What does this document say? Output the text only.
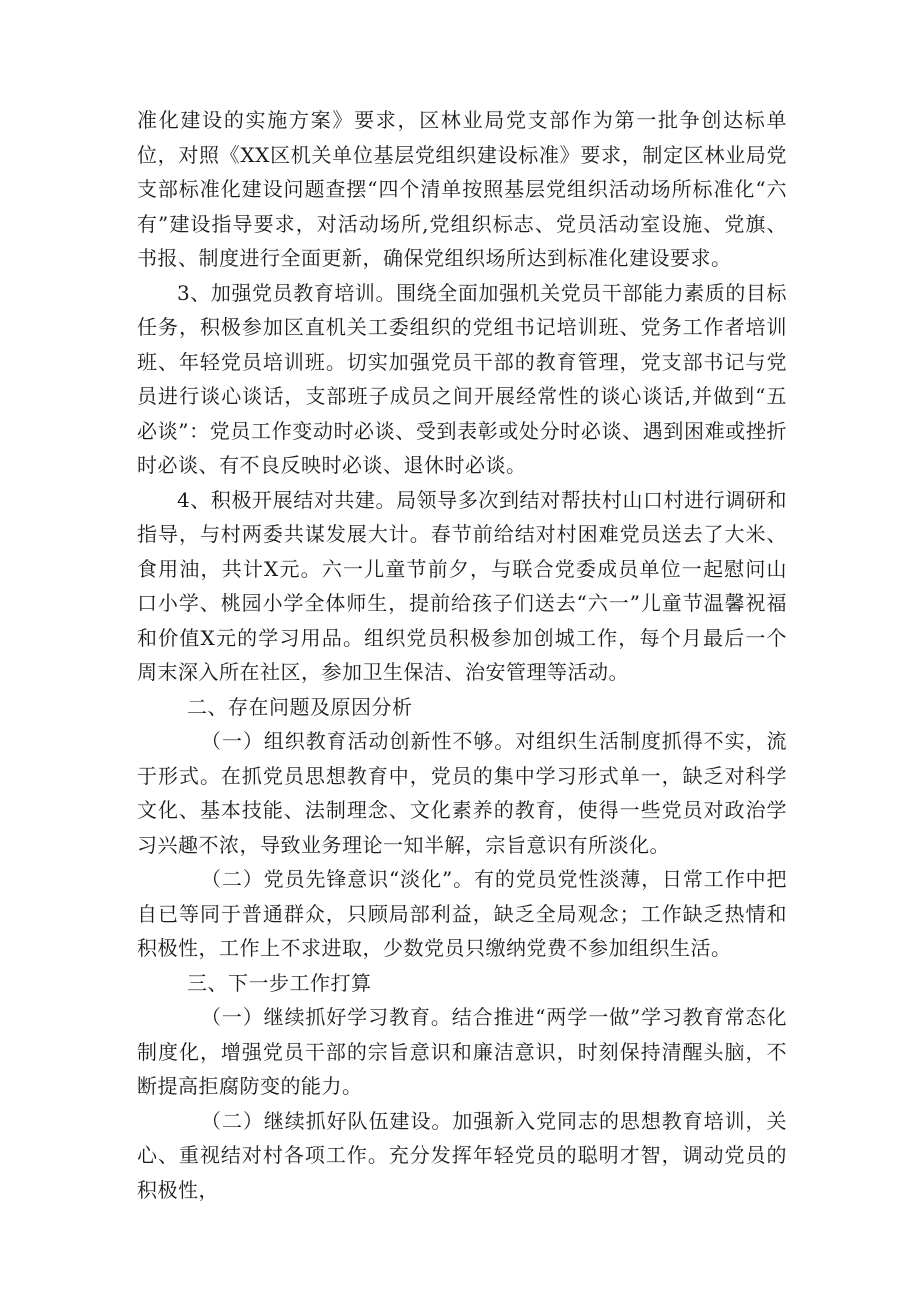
准化建设的实施方案》要求，区林业局党支部作为第一批争创达标单位，对照《XX区机关单位基层党组织建设标准》要求，制定区林业局党支部标准化建设问题查摆“四个清单按照基层党组织活动场所标准化“六有”建设指导要求，对活动场所,党组织标志、党员活动室设施、党旗、书报、制度进行全面更新，确保党组织场所达到标准化建设要求。

3、加强党员教育培训。围绕全面加强机关党员干部能力素质的目标任务，积极参加区直机关工委组织的党组书记培训班、党务工作者培训班、年轻党员培训班。切实加强党员干部的教育管理，党支部书记与党员进行谈心谈话，支部班子成员之间开展经常性的谈心谈话,并做到“五必谈”：党员工作变动时必谈、受到表彰或处分时必谈、遇到困难或挫折时必谈、有不良反映时必谈、退休时必谈。

4、积极开展结对共建。局领导多次到结对帮扶村山口村进行调研和指导，与村两委共谋发展大计。春节前给结对村困难党员送去了大米、食用油，共计X元。六一儿童节前夕，与联合党委成员单位一起慰问山口小学、桃园小学全体师生，提前给孩子们送去“六一”儿童节温馨祝福和价值X元的学习用品。组织党员积极参加创城工作，每个月最后一个周末深入所在社区，参加卫生保洁、治安管理等活动。

二、存在问题及原因分析

（一）组织教育活动创新性不够。对组织生活制度抓得不实，流于形式。在抓党员思想教育中，党员的集中学习形式单一，缺乏对科学文化、基本技能、法制理念、文化素养的教育，使得一些党员对政治学习兴趣不浓，导致业务理论一知半解，宗旨意识有所淡化。

（二）党员先锋意识“淡化”。有的党员党性淡薄，日常工作中把自已等同于普通群众，只顾局部利益，缺乏全局观念；工作缺乏热情和积极性，工作上不求进取，少数党员只缴纳党费不参加组织生活。

三、下一步工作打算

（一）继续抓好学习教育。结合推进“两学一做”学习教育常态化制度化，增强党员干部的宗旨意识和廉洁意识，时刻保持清醒头脑，不断提高拒腐防变的能力。

（二）继续抓好队伍建设。加强新入党同志的思想教育培训，关心、重视结对村各项工作。充分发挥年轻党员的聪明才智，调动党员的积极性，
